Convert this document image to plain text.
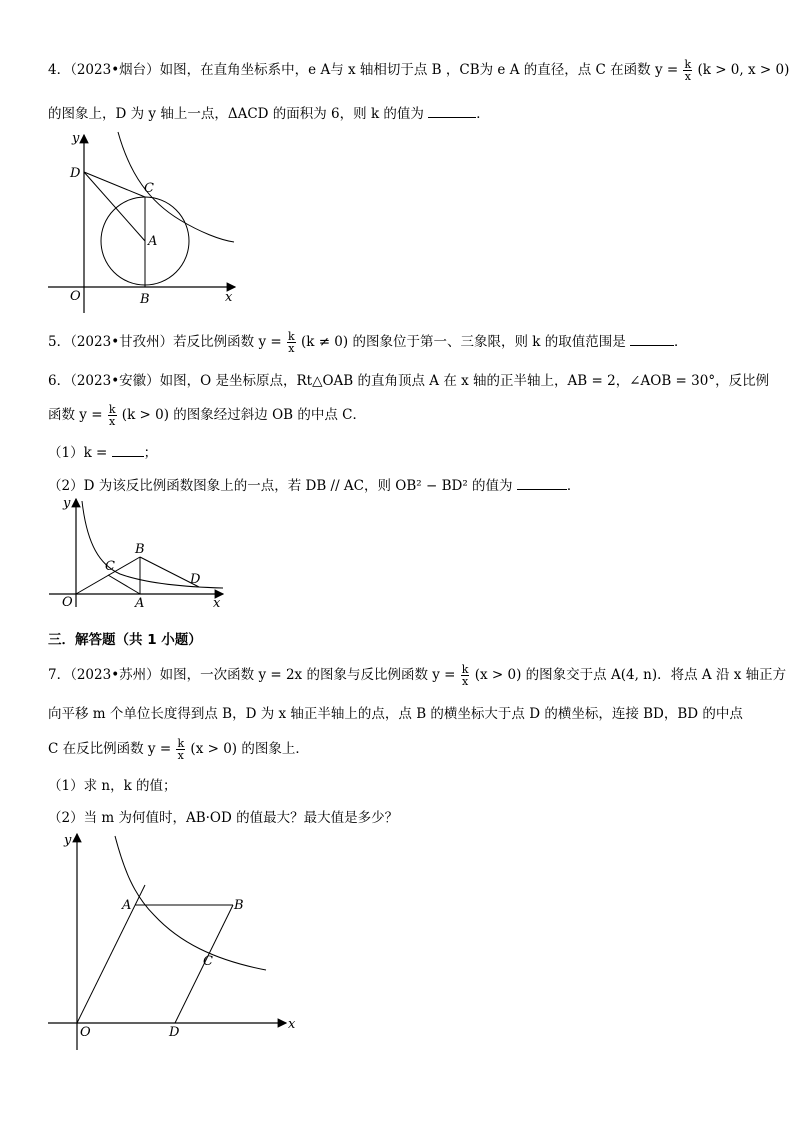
4．（2023•烟台）如图，在直角坐标系中，e A与 x 轴相切于点 B ，CB为 e A 的直径，点 C 在函数 $y = \frac{k}{x} (k > 0$, x > 0)
的图象上，D 为 y 轴上一点，ΔACD 的面积为 6，则 k 的值为	．
y
x
O	B
D
C
A
5．（2023•甘孜州）若反比例函数 $y = \frac{k}{x} (k \ne 0)$ 的图象位于第一、三象限，则 k 的取值范围是	．
6．（2023•安徽）如图，O 是坐标原点，Rt△OAB 的直角顶点 A 在 x 轴的正半轴上，AB = 2，∠AOB = 30°，反比例
函数 $y = \frac{k}{x} (k > 0)$ 的图象经过斜边 OB 的中点 C．
（1）k =	；
（2）D 为该反比例函数图象上的一点，若 DB // AC，则 OB² − BD² 的值为	．
y
x
O	A
B
C
D
三．解答题（共 1 小题）
7．（2023•苏州）如图，一次函数 y = 2x 的图象与反比例函数 $y = \frac{k}{x} (x > 0)$ 的图象交于点 A(4, n)．将点 A 沿 x 轴正方
向平移 m 个单位长度得到点 B，D 为 x 轴正半轴上的点，点 B 的横坐标大于点 D 的横坐标，连接 BD，BD 的中点
C 在反比例函数 $y = \frac{k}{x} (x > 0)$ 的图象上．
（1）求 n，k 的值；
（2）当 m 为何值时，AB·OD 的值最大？最大值是多少？
y
x
O	D
A	B
C
